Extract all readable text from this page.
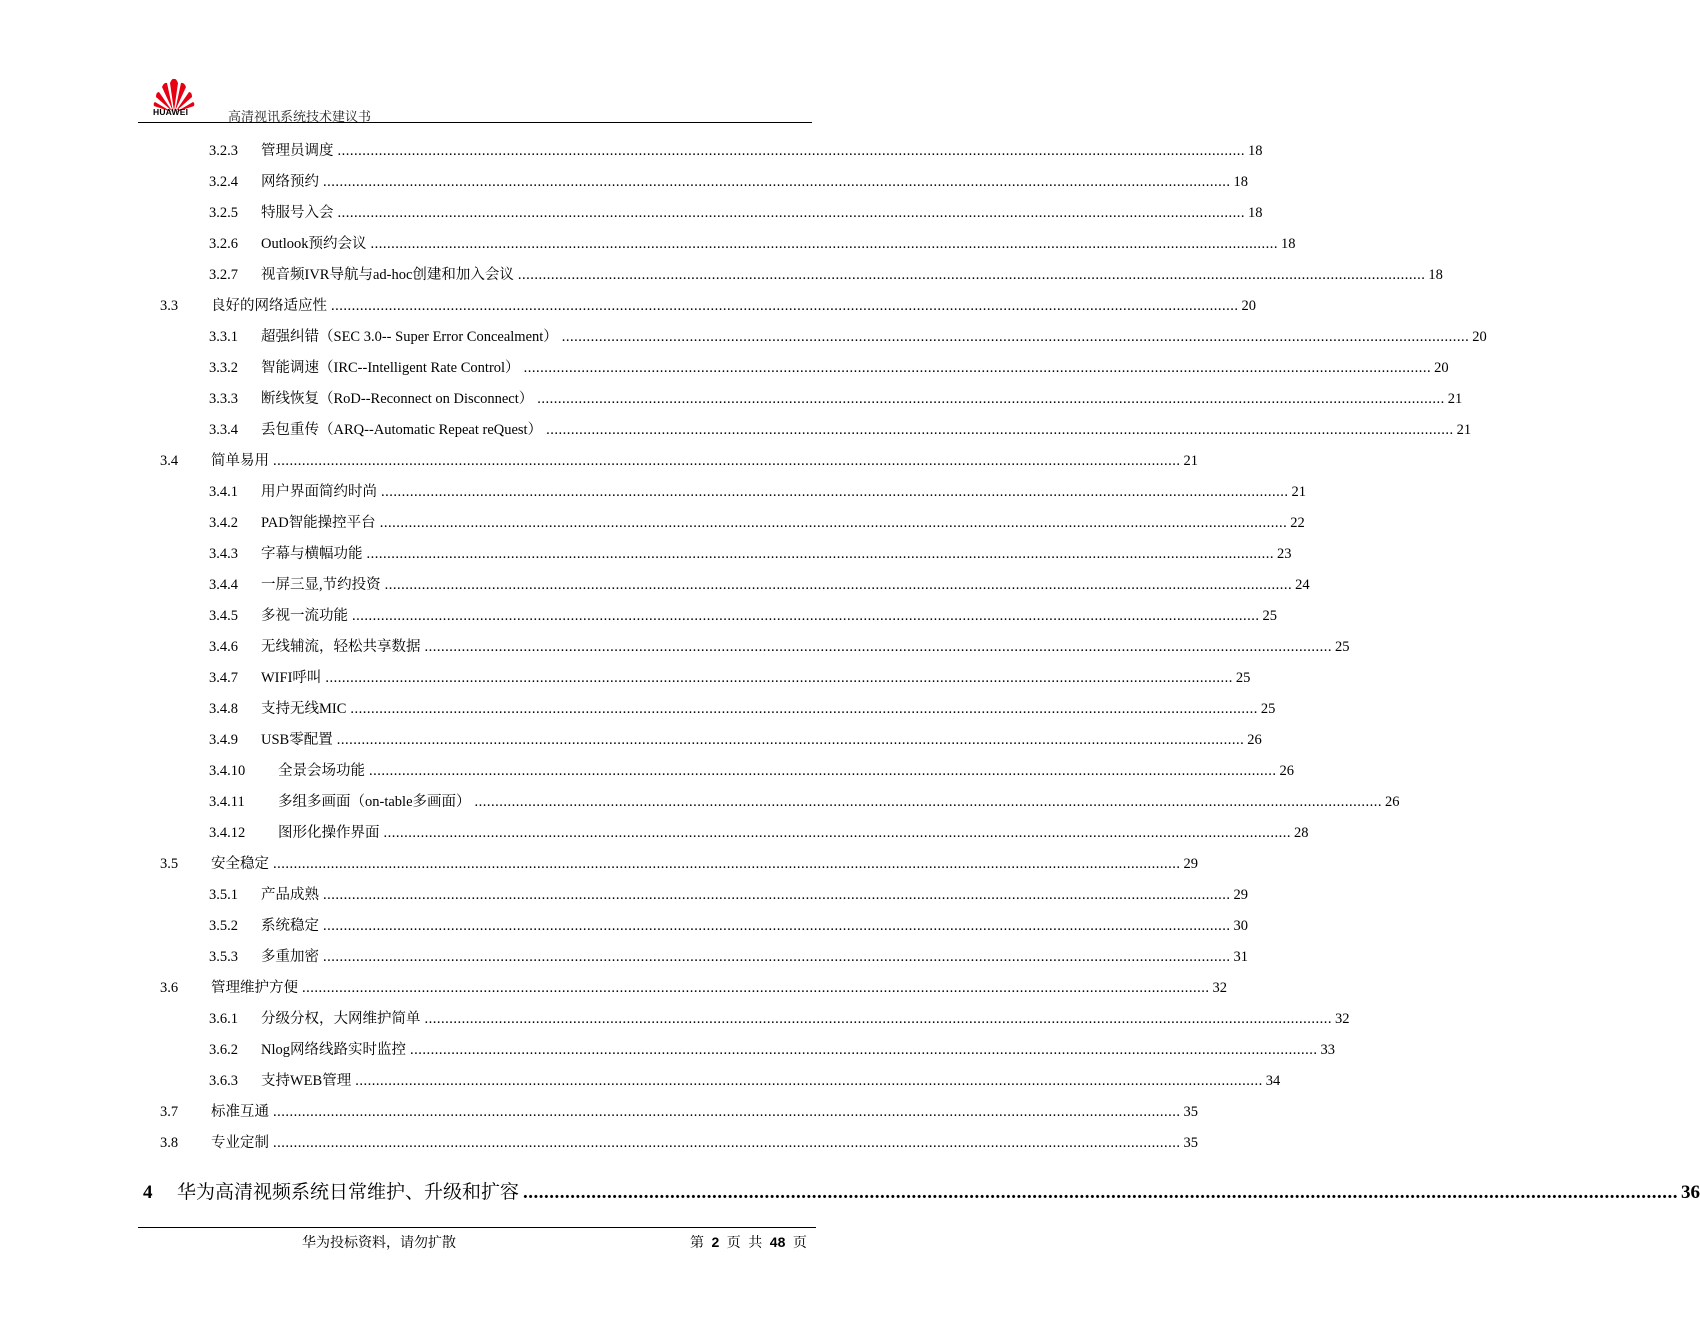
HUAWEI	高清视讯系统技术建议书
3.2.3	管理员调度 ............................................................................................................................................................................................................................ 18
3.2.4	网络预约 ............................................................................................................................................................................................................................ 18
3.2.5	特服号入会 ............................................................................................................................................................................................................................ 18
3.2.6	Outlook预约会议 ............................................................................................................................................................................................................................ 18
3.2.7	视音频IVR导航与ad-hoc创建和加入会议 ............................................................................................................................................................................................................................ 18
3.3	良好的网络适应性 ............................................................................................................................................................................................................................ 20
3.3.1	超强纠错（SEC 3.0-- Super Error Concealment） ............................................................................................................................................................................................................................ 20
3.3.2	智能调速（IRC--Intelligent Rate Control） ............................................................................................................................................................................................................................ 20
3.3.3	断线恢复（RoD--Reconnect on Disconnect） ............................................................................................................................................................................................................................ 21
3.3.4	丢包重传（ARQ--Automatic Repeat reQuest） ............................................................................................................................................................................................................................ 21
3.4	简单易用 ............................................................................................................................................................................................................................ 21
3.4.1	用户界面简约时尚 ............................................................................................................................................................................................................................ 21
3.4.2	PAD智能操控平台 ............................................................................................................................................................................................................................ 22
3.4.3	字幕与横幅功能 ............................................................................................................................................................................................................................ 23
3.4.4	一屏三显,节约投资 ............................................................................................................................................................................................................................ 24
3.4.5	多视一流功能 ............................................................................................................................................................................................................................ 25
3.4.6	无线辅流，轻松共享数据 ............................................................................................................................................................................................................................ 25
3.4.7	WIFI呼叫 ............................................................................................................................................................................................................................ 25
3.4.8	支持无线MIC ............................................................................................................................................................................................................................ 25
3.4.9	USB零配置 ............................................................................................................................................................................................................................ 26
3.4.10	全景会场功能 ............................................................................................................................................................................................................................ 26
3.4.11	多组多画面（on-table多画面） ............................................................................................................................................................................................................................ 26
3.4.12	图形化操作界面 ............................................................................................................................................................................................................................ 28
3.5	安全稳定 ............................................................................................................................................................................................................................ 29
3.5.1	产品成熟 ............................................................................................................................................................................................................................ 29
3.5.2	系统稳定 ............................................................................................................................................................................................................................ 30
3.5.3	多重加密 ............................................................................................................................................................................................................................ 31
3.6	管理维护方便 ............................................................................................................................................................................................................................ 32
3.6.1	分级分权，大网维护简单 ............................................................................................................................................................................................................................ 32
3.6.2	Nlog网络线路实时监控 ............................................................................................................................................................................................................................ 33
3.6.3	支持WEB管理 ............................................................................................................................................................................................................................ 34
3.7	标准互通 ............................................................................................................................................................................................................................ 35
3.8	专业定制 ............................................................................................................................................................................................................................ 35
4	华为高清视频系统日常维护、升级和扩容 ............................................................................................................................................................................................................................ 36
华为投标资料，请勿扩散	第 2 页 共 48 页
